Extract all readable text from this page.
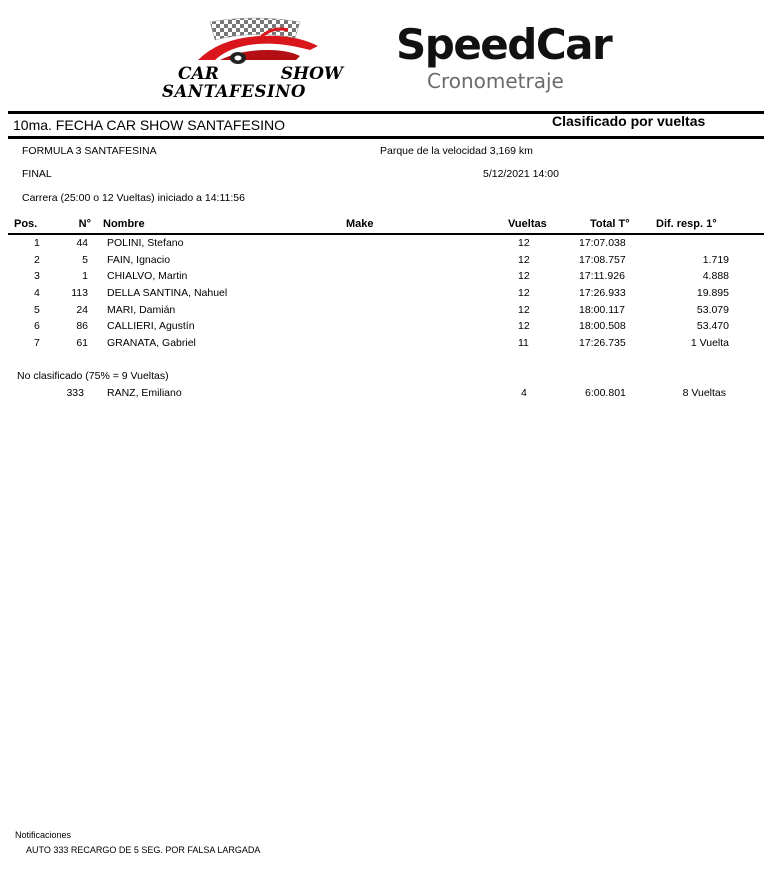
CAR	SHOW
SANTAFESINO
SpeedCar
Cronometraje
10ma. FECHA CAR SHOW SANTAFESINO	Clasificado por vueltas
FORMULA 3 SANTAFESINA	Parque de la velocidad 3,169 km
FINAL	5/12/2021 14:00
Carrera (25:00 o 12 Vueltas) iniciado a 14:11:56
Pos.	N° Nombre	Make	Vueltas	Total T° Dif. resp. 1°
1	44 POLINI, Stefano	12	17:07.038
2	5 FAIN, Ignacio	12	17:08.757	1.719
3	1 CHIALVO, Martin	12	17:11.926	4.888
4	113 DELLA SANTINA, Nahuel	12	17:26.933	19.895
5	24 MARI, Damián	12	18:00.117	53.079
6	86 CALLIERI, Agustín	12	18:00.508	53.470
7	61 GRANATA, Gabriel	11	17:26.735	1 Vuelta
No clasificado (75% = 9 Vueltas)
333 RANZ, Emiliano	4	6:00.801	8 Vueltas
Notificaciones
AUTO 333 RECARGO DE 5 SEG. POR FALSA LARGADA
